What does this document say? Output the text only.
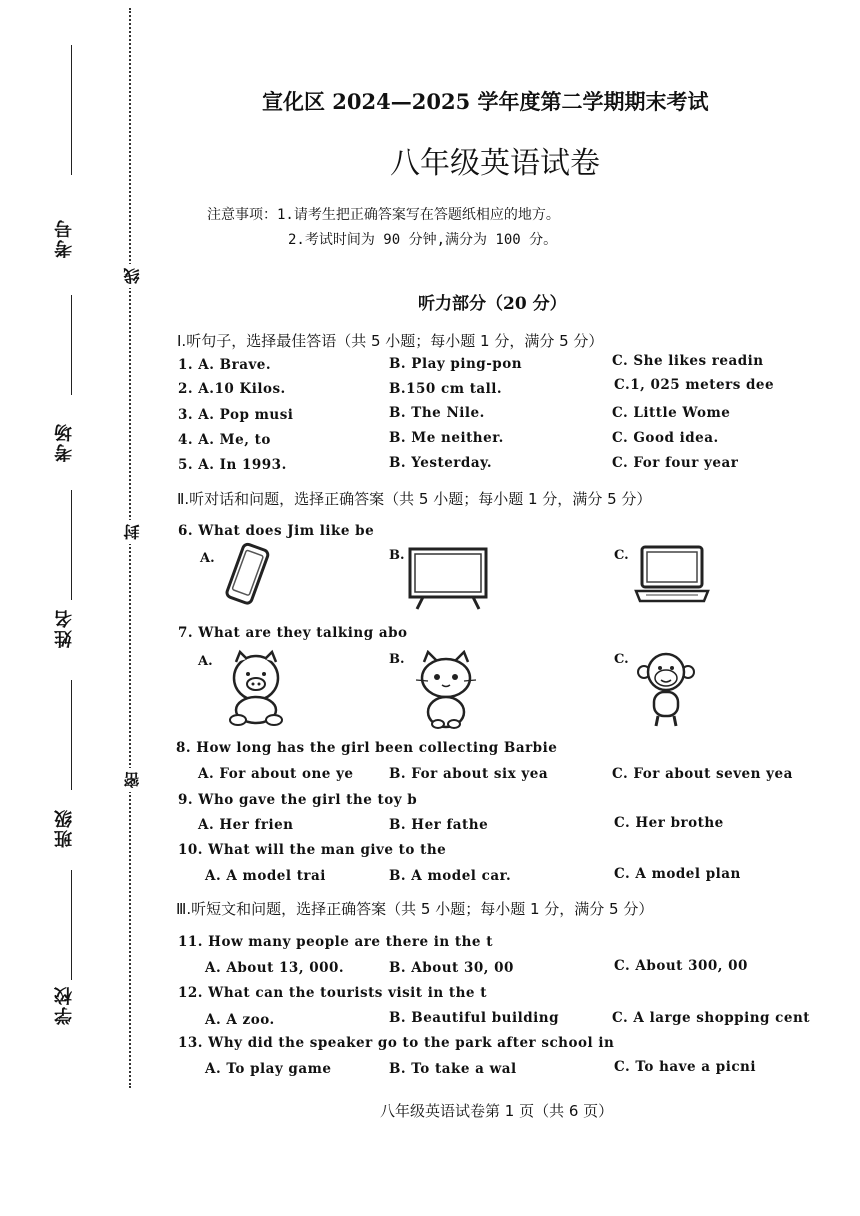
考号
考场
姓名
班级
学校
线
封
密
宣化区 2024—2025 学年度第二学期期末考试
八年级英语试卷
注意事项：1.请考生把正确答案写在答题纸相应的地方。
2.考试时间为 90 分钟,满分为 100 分。
听力部分（20 分）
Ⅰ.听句子，选择最佳答语（共 5 小题；每小题 1 分，满分 5 分）
1. A. Brave.	B. Play ping-pon	C. She likes readin
2. A.10 Kilos.	B.150 cm tall.	C.1, 025 meters dee
3. A. Pop musi	B. The Nile.	C. Little Wome
4. A. Me, to	B. Me neither.	C. Good idea.
5. A. In 1993.	B. Yesterday.	C. For four year
Ⅱ.听对话和问题，选择正确答案（共 5 小题；每小题 1 分，满分 5 分）
6. What does Jim like be
A.	B.	C.
7. What are they talking abo
A.	B.	C.
8. How long has the girl been collecting Barbie
A. For about one ye	B. For about six yea	C. For about seven yea
9. Who gave the girl the toy b
A. Her frien	B. Her fathe	C. Her brothe
10. What will the man give to the
A. A model trai	B. A model car.	C. A model plan
Ⅲ.听短文和问题，选择正确答案（共 5 小题；每小题 1 分，满分 5 分）
11. How many people are there in the t
A. About 13, 000.	B. About 30, 00	C. About 300, 00
12. What can the tourists visit in the t
A. A zoo.	B. Beautiful building	C. A large shopping cent
13. Why did the speaker go to the park after school in
A. To play game	B. To take a wal	C. To have a picni
八年级英语试卷第 1 页（共 6 页）
